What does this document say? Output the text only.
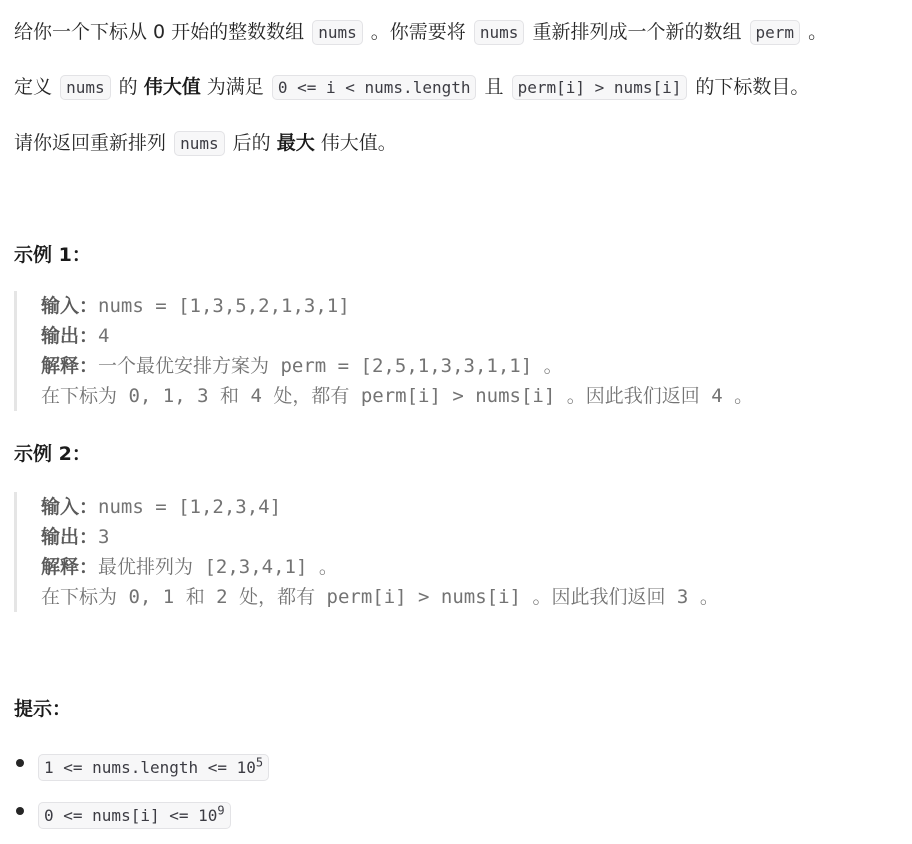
给你一个下标从 0 开始的整数数组 nums 。你需要将 nums 重新排列成一个新的数组 perm 。

定义 nums 的 伟大值 为满足 0 <= i < nums.length 且 perm[i] > nums[i] 的下标数目。

请你返回重新排列 nums 后的 最大 伟大值。

示例 1：
输入：nums = [1,3,5,2,1,3,1]
输出：4
解释：一个最优安排方案为 perm = [2,5,1,3,3,1,1] 。
在下标为 0, 1, 3 和 4 处，都有 perm[i] > nums[i] 。因此我们返回 4 。
示例 2：
输入：nums = [1,2,3,4]
输出：3
解释：最优排列为 [2,3,4,1] 。
在下标为 0, 1 和 2 处，都有 perm[i] > nums[i] 。因此我们返回 3 。
提示：
1 <= nums.length <= $10^5$
0 <= nums[i] <= $10^9$
